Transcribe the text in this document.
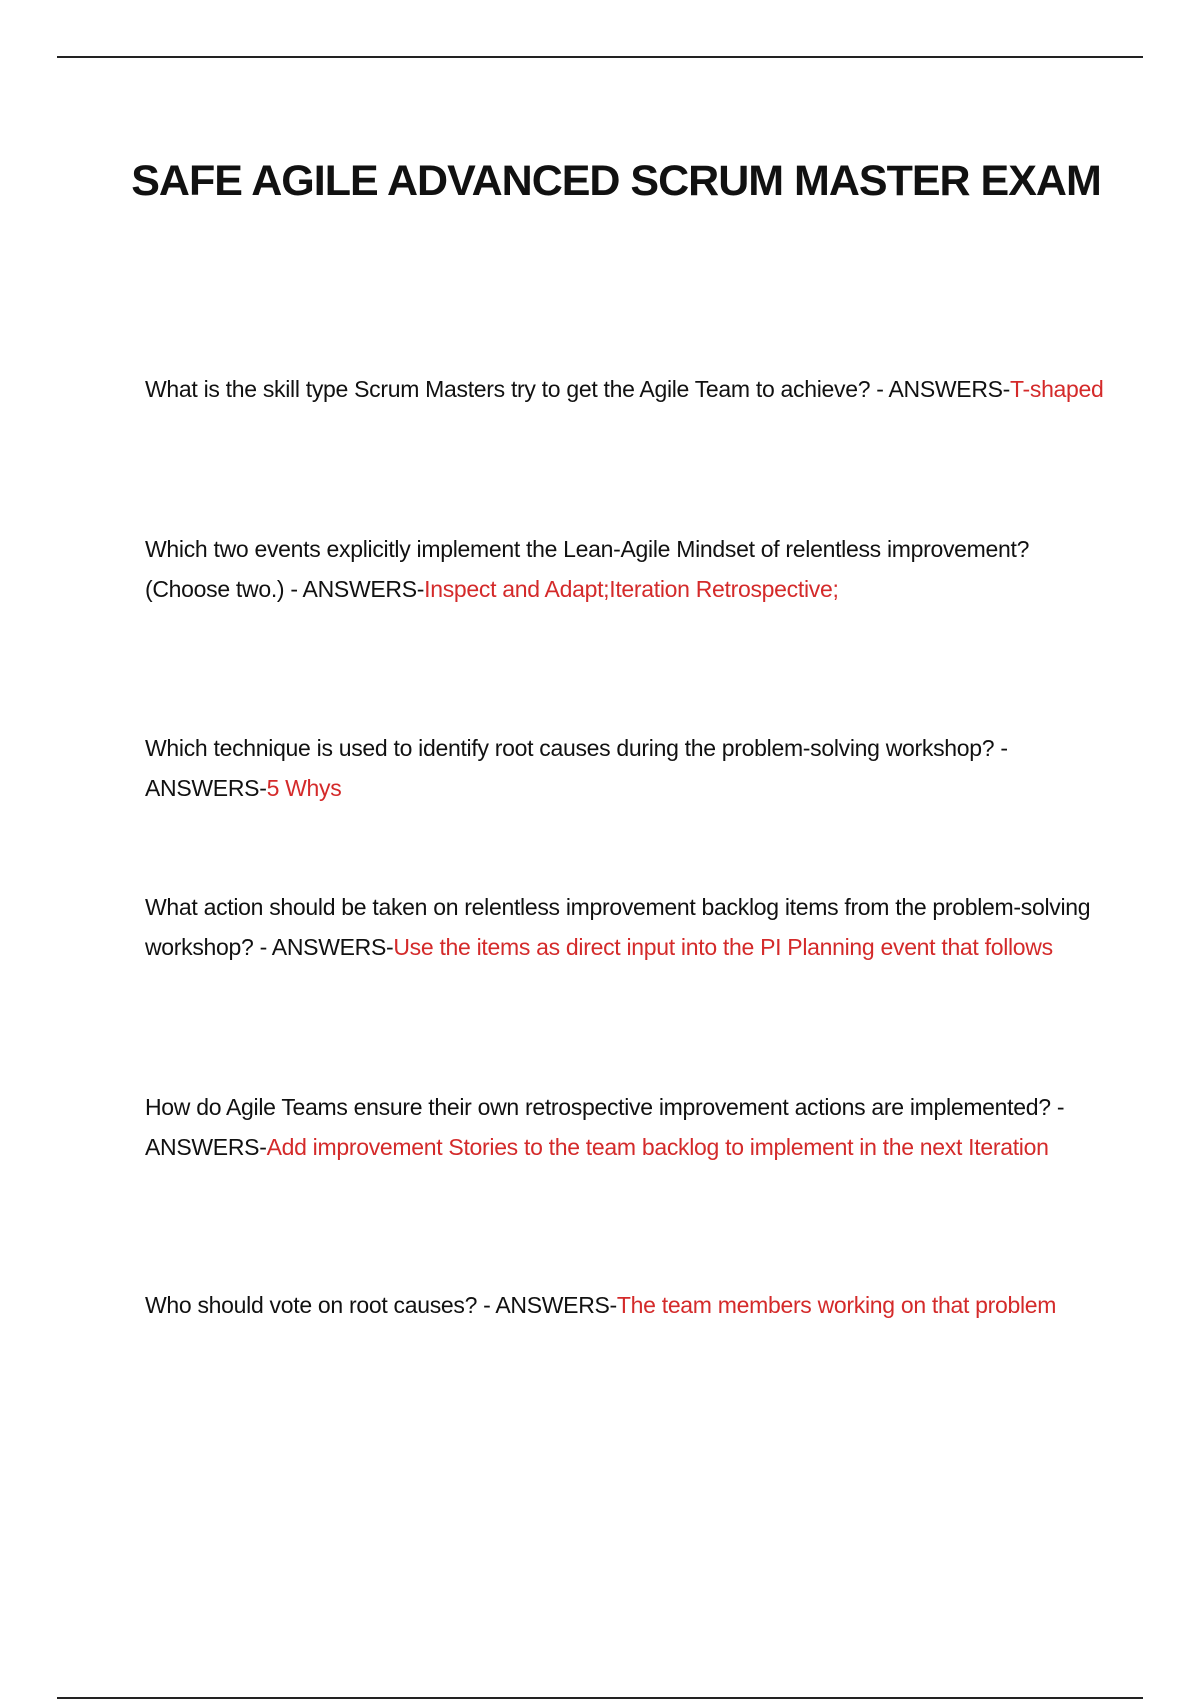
SAFE AGILE ADVANCED SCRUM MASTER EXAM
What is the skill type Scrum Masters try to get the Agile Team to achieve? - ANSWERS-T-shaped
Which two events explicitly implement the Lean-Agile Mindset of relentless improvement? (Choose two.) - ANSWERS-Inspect and Adapt;Iteration Retrospective;
Which technique is used to identify root causes during the problem-solving workshop? - ANSWERS-5 Whys
What action should be taken on relentless improvement backlog items from the problem-solving workshop? - ANSWERS-Use the items as direct input into the PI Planning event that follows
How do Agile Teams ensure their own retrospective improvement actions are implemented? - ANSWERS-Add improvement Stories to the team backlog to implement in the next Iteration
Who should vote on root causes? - ANSWERS-The team members working on that problem
